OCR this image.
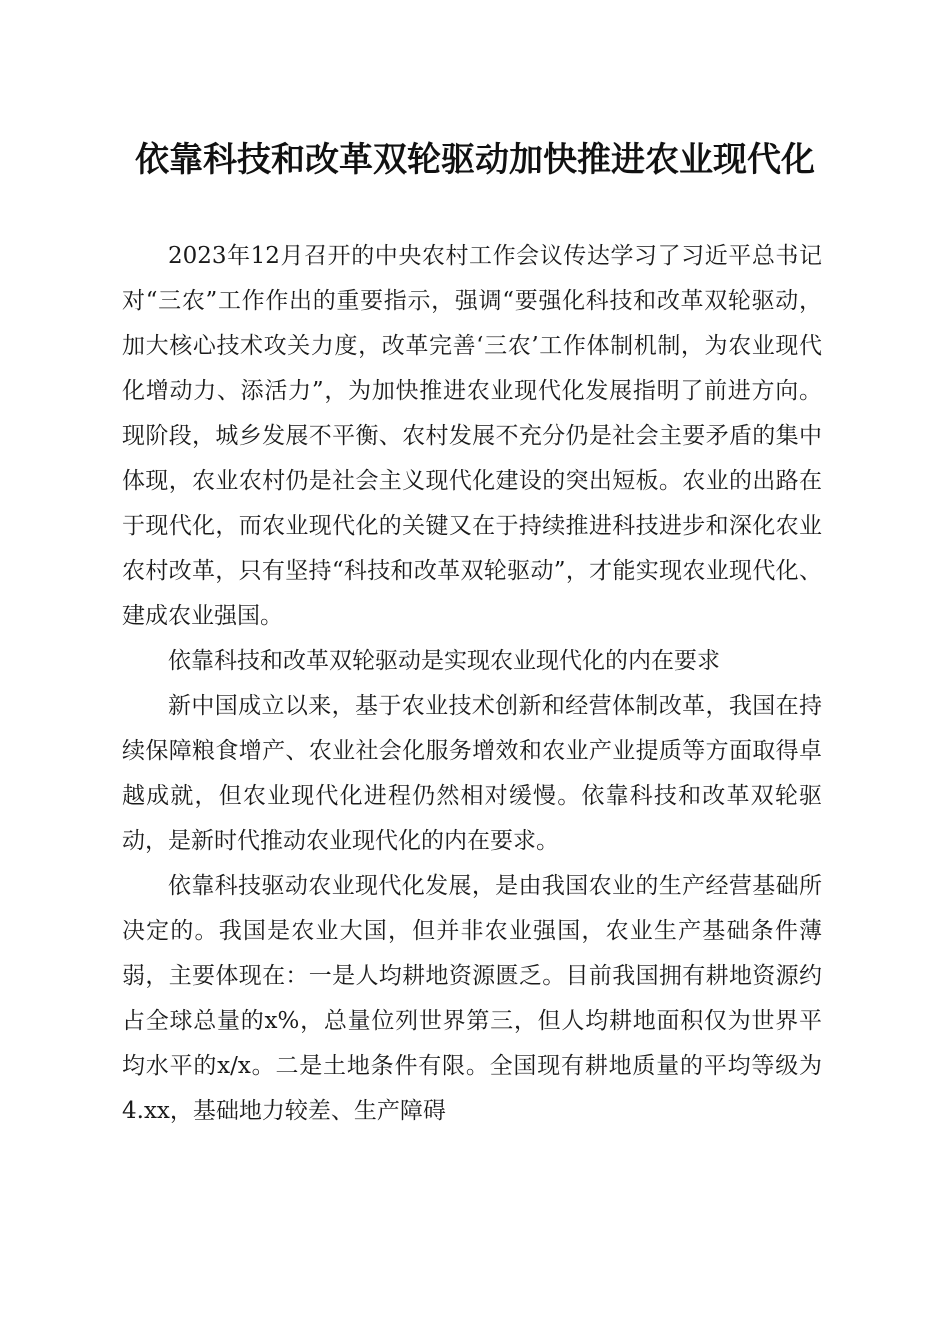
依靠科技和改革双轮驱动加快推进农业现代化

2023年12月召开的中央农村工作会议传达学习了习近平总书记对“三农”工作作出的重要指示，强调“要强化科技和改革双轮驱动，加大核心技术攻关力度，改革完善‘三农’工作体制机制，为农业现代化增动力、添活力”，为加快推进农业现代化发展指明了前进方向。现阶段，城乡发展不平衡、农村发展不充分仍是社会主要矛盾的集中体现，农业农村仍是社会主义现代化建设的突出短板。农业的出路在于现代化，而农业现代化的关键又在于持续推进科技进步和深化农业农村改革，只有坚持“科技和改革双轮驱动”，才能实现农业现代化、建成农业强国。

依靠科技和改革双轮驱动是实现农业现代化的内在要求

新中国成立以来，基于农业技术创新和经营体制改革，我国在持续保障粮食增产、农业社会化服务增效和农业产业提质等方面取得卓越成就，但农业现代化进程仍然相对缓慢。依靠科技和改革双轮驱动，是新时代推动农业现代化的内在要求。

依靠科技驱动农业现代化发展，是由我国农业的生产经营基础所决定的。我国是农业大国，但并非农业强国，农业生产基础条件薄弱，主要体现在：一是人均耕地资源匮乏。目前我国拥有耕地资源约占全球总量的x%，总量位列世界第三，但人均耕地面积仅为世界平均水平的x/x。二是土地条件有限。全国现有耕地质量的平均等级为4.xx，基础地力较差、生产障碍
